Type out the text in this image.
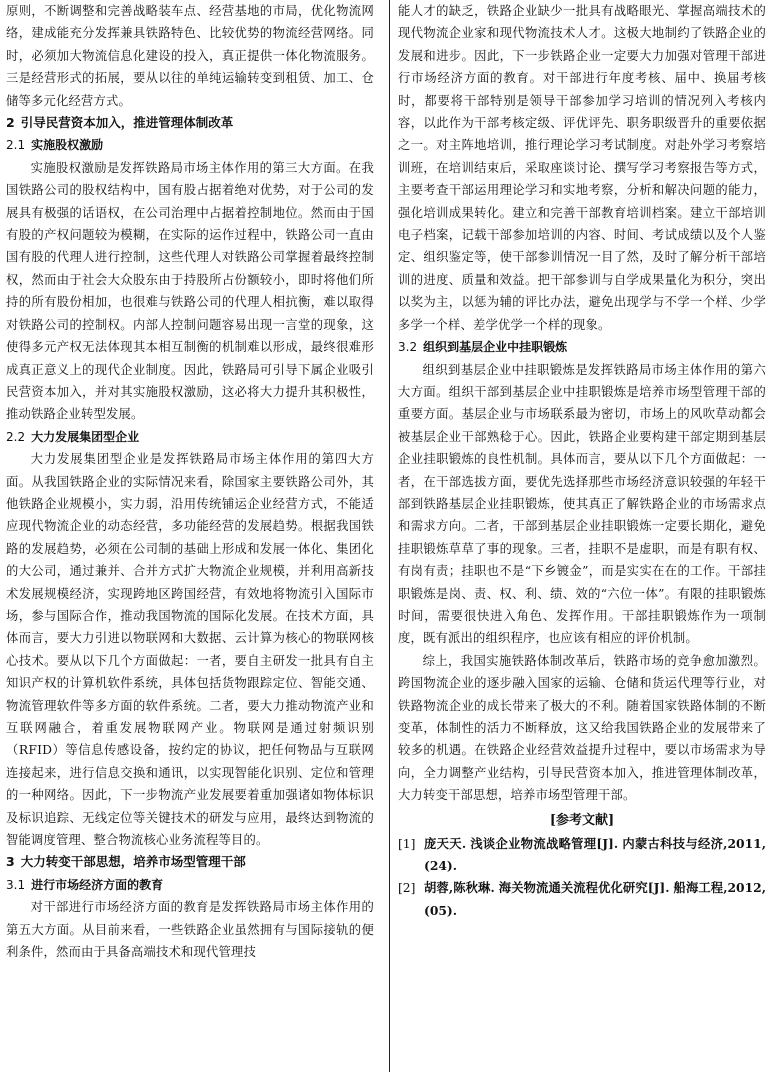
原则，不断调整和完善战略装车点、经营基地的市局，优化物流网络，建成能充分发挥兼具铁路特色、比较优势的物流经营网络。同时，必须加大物流信息化建设的投入，真正提供一体化物流服务。三是经营形式的拓展，要从以往的单纯运输转变到租赁、加工、仓储等多元化经营方式。

2 引导民营资本加入，推进管理体制改革
2.1 实施股权激励

实施股权激励是发挥铁路局市场主体作用的第三大方面。在我国铁路公司的股权结构中，国有股占据着绝对优势，对于公司的发展具有极强的话语权，在公司治理中占据着控制地位。然而由于国有股的产权问题较为模糊，在实际的运作过程中，铁路公司一直由国有股的代理人进行控制，这些代理人对铁路公司掌握着最终控制权，然而由于社会大众股东由于持股所占份额较小，即时将他们所持的所有股份相加，也很难与铁路公司的代理人相抗衡，难以取得对铁路公司的控制权。内部人控制问题容易出现一言堂的现象，这使得多元产权无法体现其本相互制衡的机制难以形成，最终很难形成真正意义上的现代企业制度。因此，铁路局可引导下属企业吸引民营资本加入，并对其实施股权激励，这必将大力提升其积极性，推动铁路企业转型发展。

2.2 大力发展集团型企业

大力发展集团型企业是发挥铁路局市场主体作用的第四大方面。从我国铁路企业的实际情况来看，除国家主要铁路公司外，其他铁路企业规模小，实力弱，沿用传统铺运企业经营方式，不能适应现代物流企业的动态经营，多功能经营的发展趋势。根据我国铁路的发展趋势，必须在公司制的基础上形成和发展一体化、集团化的大公司，通过兼并、合并方式扩大物流企业规模，并利用高新技术发展规模经济，实现跨地区跨国经营，有效地将物流引入国际市场，参与国际合作，推动我国物流的国际化发展。在技术方面，具体而言，要大力引进以物联网和大数据、云计算为核心的物联网核心技术。要从以下几个方面做起：一者，要自主研发一批具有自主知识产权的计算机软件系统，具体包括货物跟踪定位、智能交通、物流管理软件等多方面的软件系统。二者，要大力推动物流产业和互联网融合，着重发展物联网产业。物联网是通过射频识别（RFID）等信息传感设备，按约定的协议，把任何物品与互联网连接起来，进行信息交换和通讯，以实现智能化识别、定位和管理的一种网络。因此，下一步物流产业发展要着重加强诸如物体标识及标识追踪、无线定位等关键技术的研发与应用，最终达到物流的智能调度管理、整合物流核心业务流程等目的。

3 大力转变干部思想，培养市场型管理干部
3.1 进行市场经济方面的教育

对干部进行市场经济方面的教育是发挥铁路局市场主体作用的第五大方面。从目前来看，一些铁路企业虽然拥有与国际接轨的便利条件，然而由于具备高端技术和现代管理技

能人才的缺乏，铁路企业缺少一批具有战略眼光、掌握高端技术的现代物流企业家和现代物流技术人才。这极大地制约了铁路企业的发展和进步。因此，下一步铁路企业一定要大力加强对管理干部进行市场经济方面的教育。对干部进行年度考核、届中、换届考核时，都要将干部特别是领导干部参加学习培训的情况列入考核内容，以此作为干部考核定级、评优评先、职务职级晋升的重要依据之一。对主阵地培训，推行理论学习考试制度。对赴外学习考察培训班，在培训结束后，采取座谈讨论、撰写学习考察报告等方式，主要考查干部运用理论学习和实地考察，分析和解决问题的能力，强化培训成果转化。建立和完善干部教育培训档案。建立干部培训电子档案，记载干部参加培训的内容、时间、考试成绩以及个人鉴定、组织鉴定等，使干部参训情况一目了然，及时了解分析干部培训的进度、质量和效益。把干部参训与自学成果量化为积分，突出以奖为主，以惩为辅的评比办法，避免出现学与不学一个样、少学多学一个样、差学优学一个样的现象。

3.2 组织到基层企业中挂职锻炼

组织到基层企业中挂职锻炼是发挥铁路局市场主体作用的第六大方面。组织干部到基层企业中挂职锻炼是培养市场型管理干部的重要方面。基层企业与市场联系最为密切，市场上的风吹草动都会被基层企业干部熟稔于心。因此，铁路企业要构建干部定期到基层企业挂职锻炼的良性机制。具体而言，要从以下几个方面做起：一者，在干部选拔方面，要优先选择那些市场经济意识较强的年轻干部到铁路基层企业挂职锻炼，使其真正了解铁路企业的市场需求点和需求方向。二者，干部到基层企业挂职锻炼一定要长期化，避免挂职锻炼草草了事的现象。三者，挂职不是虚职，而是有职有权、有岗有责；挂职也不是“下乡镀金”，而是实实在在的工作。干部挂职锻炼是岗、责、权、利、绩、效的“六位一体”。有限的挂职锻炼时间，需要很快进入角色、发挥作用。干部挂职锻炼作为一项制度，既有派出的组织程序，也应该有相应的评价机制。

综上，我国实施铁路体制改革后，铁路市场的竞争愈加激烈。跨国物流企业的逐步融入国家的运输、仓储和货运代理等行业，对铁路物流企业的成长带来了极大的不利。随着国家铁路体制的不断变革，体制性的活力不断释放，这又给我国铁路企业的发展带来了较多的机遇。在铁路企业经营效益提升过程中，要以市场需求为导向，全力调整产业结构，引导民营资本加入，推进管理体制改革，大力转变干部思想，培养市场型管理干部。

[参考文献]
[1] 庞天天. 浅谈企业物流战略管理[J]. 内蒙古科技与经济,2011,(24).
[2] 胡蓉,陈秋琳. 海关物流通关流程优化研究[J]. 船海工程,2012,(05).
